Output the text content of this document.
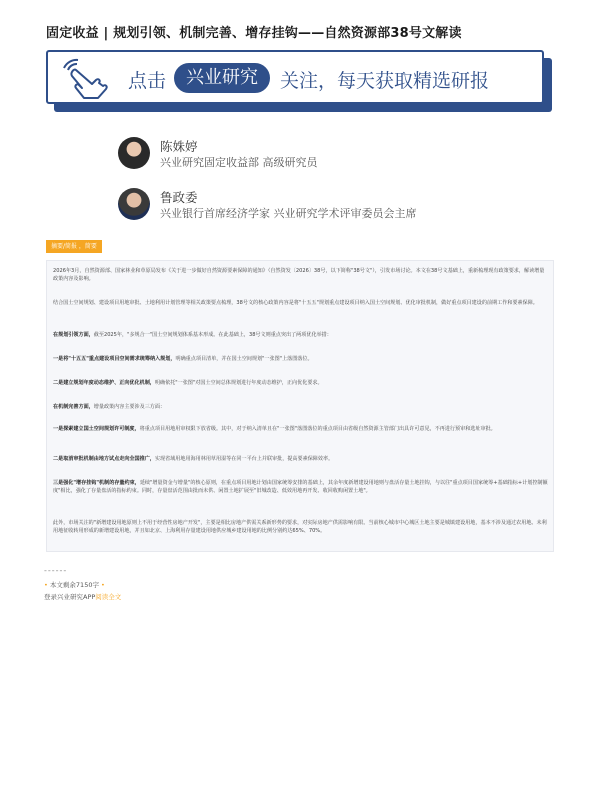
固定收益 | 规划引领、机制完善、增存挂钩——自然资源部38号文解读
点击	兴业研究	关注，每天获取精选研报
陈姝婷
兴业研究固定收益部 高级研究员
鲁政委
兴业银行首席经济学家 兴业研究学术评审委员会主席
摘要/简报 ，简要

2026年3月，自然资源部、国家林业和草原局发布《关于进一步做好自然资源要素保障的通知》（自然资发〔2026〕38号，以下简称"38号文"），引发市场讨论。本文在38号文基础上，重新梳理现有政策要求，解读增量政策内容及影响。

结合国土空间规划、建设项目用地审批、土地利用计划管理等相关政策要点梳理，38号文的核心政策内容是将"十五五"规划重点建设项目纳入国土空间规划、优化审批机制，做好重点项目建设的前期工作和要素保障。

在规划引领方面，截至2025年，"多规合一"国土空间规划体系基本形成。在此基础上，38号文则重点突出了两项优化举措：

一是将"十五五"重点建设项目空间需求统筹纳入规划，明确重点项目清单，并在国土空间规划"一张图"上落图落位。

二是建立规划年度动态维护、正向优化机制，明确依托"一张图"对国土空间总体规划进行年度动态维护，正向优化要求。

在机制完善方面，增量政策内容主要涉及三方面：

一是探索建立国土空间规划许可制度，将重点项目用地用审权限下放省级。其中，对于纳入清单且在"一张图"落图落位的重点项目由省级自然资源主管部门出具许可意见，不再进行预审和选址审批。

二是取消审批机制由地方试点走向全国推广，实现省域用地用海用林用草用湿等在同一平台上并联审批，提高要素保障效率。

三是强化"增存挂钩"机制的存量约束，延续"增量资金与增量"的核心原则，在重点项目用地计划由国家统筹安排的基础上，其余年度新增建设用地则与盘活存量土地挂钩，与以往"重点项目国家统筹+基础指标+计划控制额度"相比，强化了存量盘活的指标约束。同时，存量盘活范围由批而未供、闲置土地扩展至"旧城改造、低效用地再开发、收回收购闲置土地"。

此外，市场关注的"新增建设用地原则上不用于经营性房地产开发"，主要是相比房地产供需关系新形势的要求，对实际房地产供需影响有限。当前核心城市中心城区土地主要是城镇建设用地，基本不涉及通过农用地、未利用地征收转用形成的新增建设用地，并且如北京、上海利用存量建设用地供应城乡建设用地的比例分别约达65%、70%。

------
• 本文剩余7150字 •
登录兴业研究APP阅读全文
